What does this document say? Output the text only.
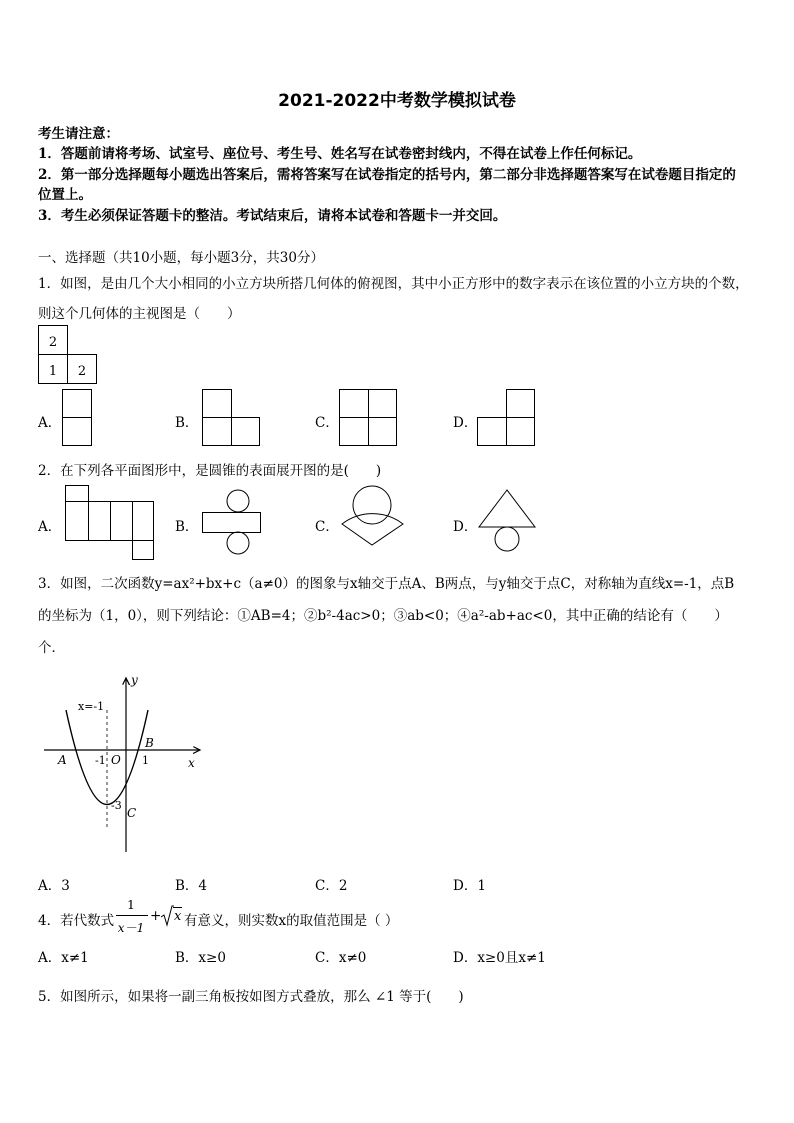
2021-2022中考数学模拟试卷
考生请注意：
1．答题前请将考场、试室号、座位号、考生号、姓名写在试卷密封线内，不得在试卷上作任何标记。
2．第一部分选择题每小题选出答案后，需将答案写在试卷指定的括号内，第二部分非选择题答案写在试卷题目指定的
位置上。
3．考生必须保证答题卡的整洁。考试结束后，请将本试卷和答题卡一并交回。
一、选择题（共10小题，每小题3分，共30分）
1．如图，是由几个大小相同的小立方块所搭几何体的俯视图，其中小正方形中的数字表示在该位置的小立方块的个数，
则这个几何体的主视图是（　　）
2
1 2
A．	B．	C．	D．
2．在下列各平面图形中，是圆锥的表面展开图的是(　　)
A．	B．	C．	D．
3．如图，二次函数y=ax²+bx+c（a≠0）的图象与x轴交于点A、B两点，与y轴交于点C，对称轴为直线x=-1，点B
的坐标为（1，0），则下列结论：①AB=4；②b²-4ac>0；③ab<0；④a²-ab+ac<0，其中正确的结论有（　　）
个．
y
x
x=-1
A	-1 O 1
B
-3
C
A．3	B．4	C．2	D．1
4．若代数式
1
x－1
+ x 有意义，则实数x的取值范围是（ ）
A．x≠1	B．x≥0	C．x≠0	D．x≥0且x≠1
5．如图所示，如果将一副三角板按如图方式叠放，那么 ∠1 等于(　　)
